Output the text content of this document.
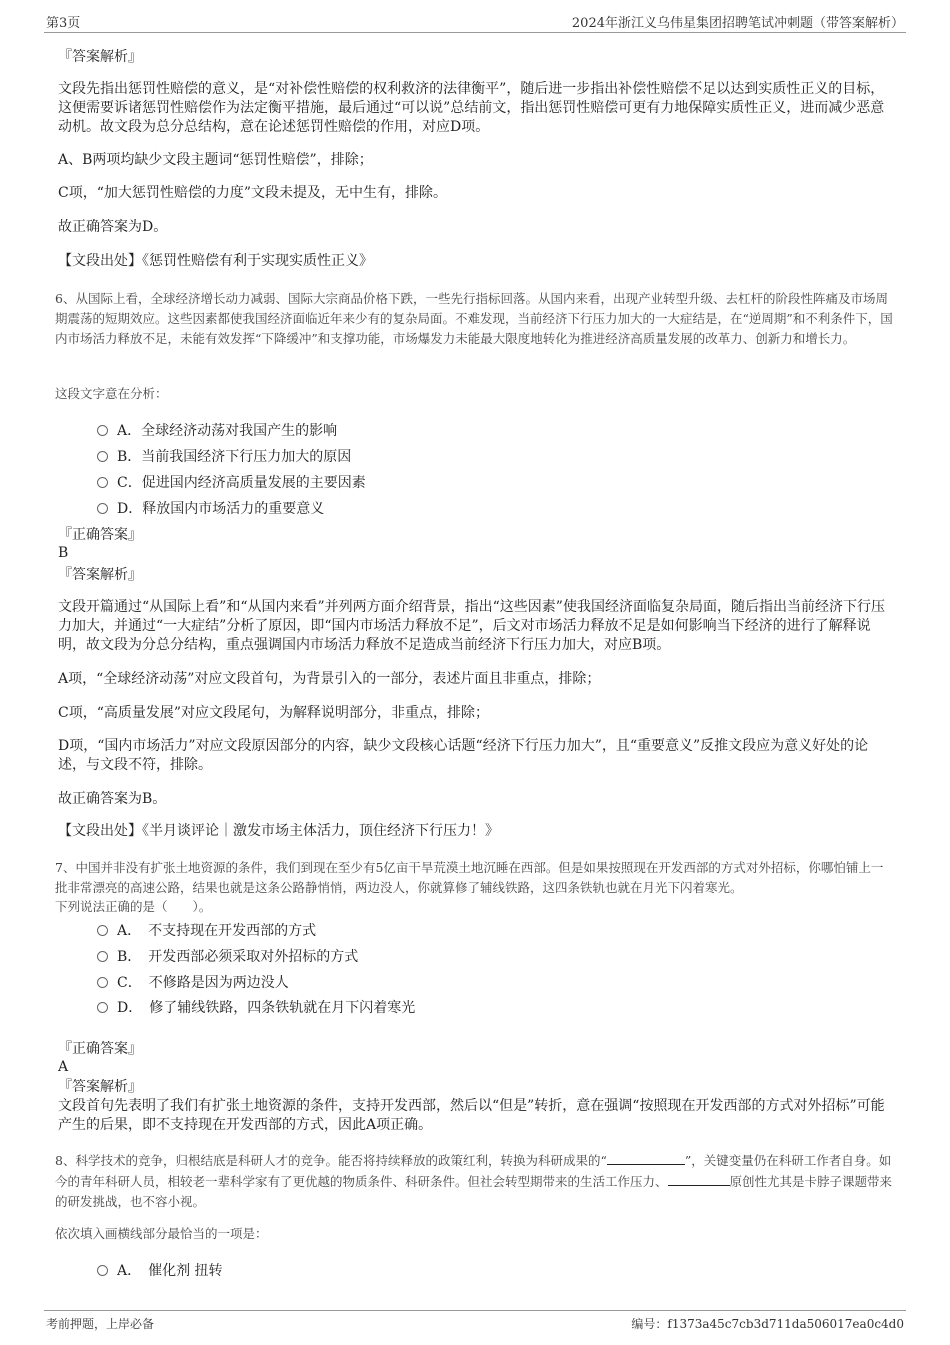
第3页	2024年浙江义乌伟星集团招聘笔试冲刺题（带答案解析）
『答案解析』
文段先指出惩罚性赔偿的意义，是“对补偿性赔偿的权利救济的法律衡平”，随后进一步指出补偿性赔偿不足以达到实质性正义的目标，这便需要诉诸惩罚性赔偿作为法定衡平措施，最后通过“可以说”总结前文，指出惩罚性赔偿可更有力地保障实质性正义，进而减少恶意动机。故文段为总分总结构，意在论述惩罚性赔偿的作用，对应D项。
A、B两项均缺少文段主题词“惩罚性赔偿”，排除；
C项，“加大惩罚性赔偿的力度”文段未提及，无中生有，排除。
故正确答案为D。
【文段出处】《惩罚性赔偿有利于实现实质性正义》
6、从国际上看，全球经济增长动力减弱、国际大宗商品价格下跌，一些先行指标回落。从国内来看，出现产业转型升级、去杠杆的阶段性阵痛及市场周期震荡的短期效应。这些因素都使我国经济面临近年来少有的复杂局面。不难发现，当前经济下行压力加大的一大症结是，在“逆周期”和不利条件下，国内市场活力释放不足，未能有效发挥“下降缓冲”和支撑功能，市场爆发力未能最大限度地转化为推进经济高质量发展的改革力、创新力和增长力。
这段文字意在分析：
A．全球经济动荡对我国产生的影响
B．当前我国经济下行压力加大的原因
C．促进国内经济高质量发展的主要因素
D．释放国内市场活力的重要意义
『正确答案』
B
『答案解析』
文段开篇通过“从国际上看”和“从国内来看”并列两方面介绍背景，指出“这些因素”使我国经济面临复杂局面，随后指出当前经济下行压力加大，并通过“一大症结”分析了原因，即“国内市场活力释放不足”，后文对市场活力释放不足是如何影响当下经济的进行了解释说明，故文段为分总分结构，重点强调国内市场活力释放不足造成当前经济下行压力加大，对应B项。
A项，“全球经济动荡”对应文段首句，为背景引入的一部分，表述片面且非重点，排除；
C项，“高质量发展”对应文段尾句，为解释说明部分，非重点，排除；
D项，“国内市场活力”对应文段原因部分的内容，缺少文段核心话题“经济下行压力加大”，且“重要意义”反推文段应为意义好处的论述，与文段不符，排除。
故正确答案为B。
【文段出处】《半月谈评论｜激发市场主体活力，顶住经济下行压力！》
7、中国并非没有扩张土地资源的条件，我们到现在至少有5亿亩干旱荒漠土地沉睡在西部。但是如果按照现在开发西部的方式对外招标，你哪怕铺上一批非常漂亮的高速公路，结果也就是这条公路静悄悄，两边没人，你就算修了辅线铁路，这四条铁轨也就在月光下闪着寒光。
下列说法正确的是（　　）。
A．　不支持现在开发西部的方式
B．　开发西部必须采取对外招标的方式
C．　不修路是因为两边没人
D．　修了辅线铁路，四条铁轨就在月下闪着寒光
『正确答案』
A
『答案解析』
文段首句先表明了我们有扩张土地资源的条件，支持开发西部，然后以“但是”转折，意在强调“按照现在开发西部的方式对外招标”可能产生的后果，即不支持现在开发西部的方式，因此A项正确。
8、科学技术的竞争，归根结底是科研人才的竞争。能否将持续释放的政策红利，转换为科研成果的“	”，关键变量仍在科研工作者自身。如今的青年科研人员，相较老一辈科学家有了更优越的物质条件、科研条件。但社会转型期带来的生活工作压力、	原创性尤其是卡脖子课题带来的研发挑战，也不容小视。
依次填入画横线部分最恰当的一项是：
A．　催化剂 扭转
考前押题，上岸必备	编号：f1373a45c7cb3d711da506017ea0c4d0
